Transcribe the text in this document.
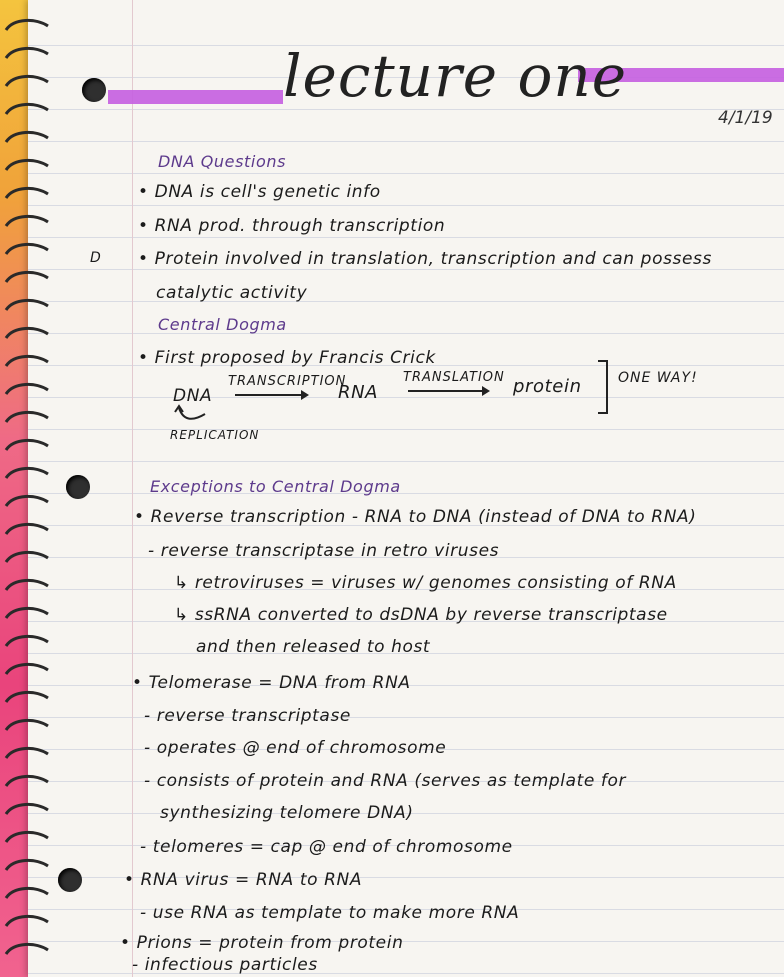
lecture one
4/1/19
D
DNA Questions
• DNA is cell's genetic info
• RNA prod. through transcription
• Protein involved in translation, transcription and can possess
catalytic activity
Central Dogma
• First proposed by Francis Crick
DNA
TRANSCRIPTION
RNA
TRANSLATION protein	ONE WAY!
REPLICATION
Exceptions to Central Dogma
• Reverse transcription - RNA to DNA (instead of DNA to RNA)
- reverse transcriptase in retro viruses
↳ retroviruses = viruses w/ genomes consisting of RNA
↳ ssRNA converted to dsDNA by reverse transcriptase
and then released to host
• Telomerase = DNA from RNA
- reverse transcriptase
- operates @ end of chromosome
- consists of protein and RNA (serves as template for
synthesizing telomere DNA)
- telomeres = cap @ end of chromosome
• RNA virus = RNA to RNA
- use RNA as template to make more RNA
• Prions = protein from protein
- infectious particles
